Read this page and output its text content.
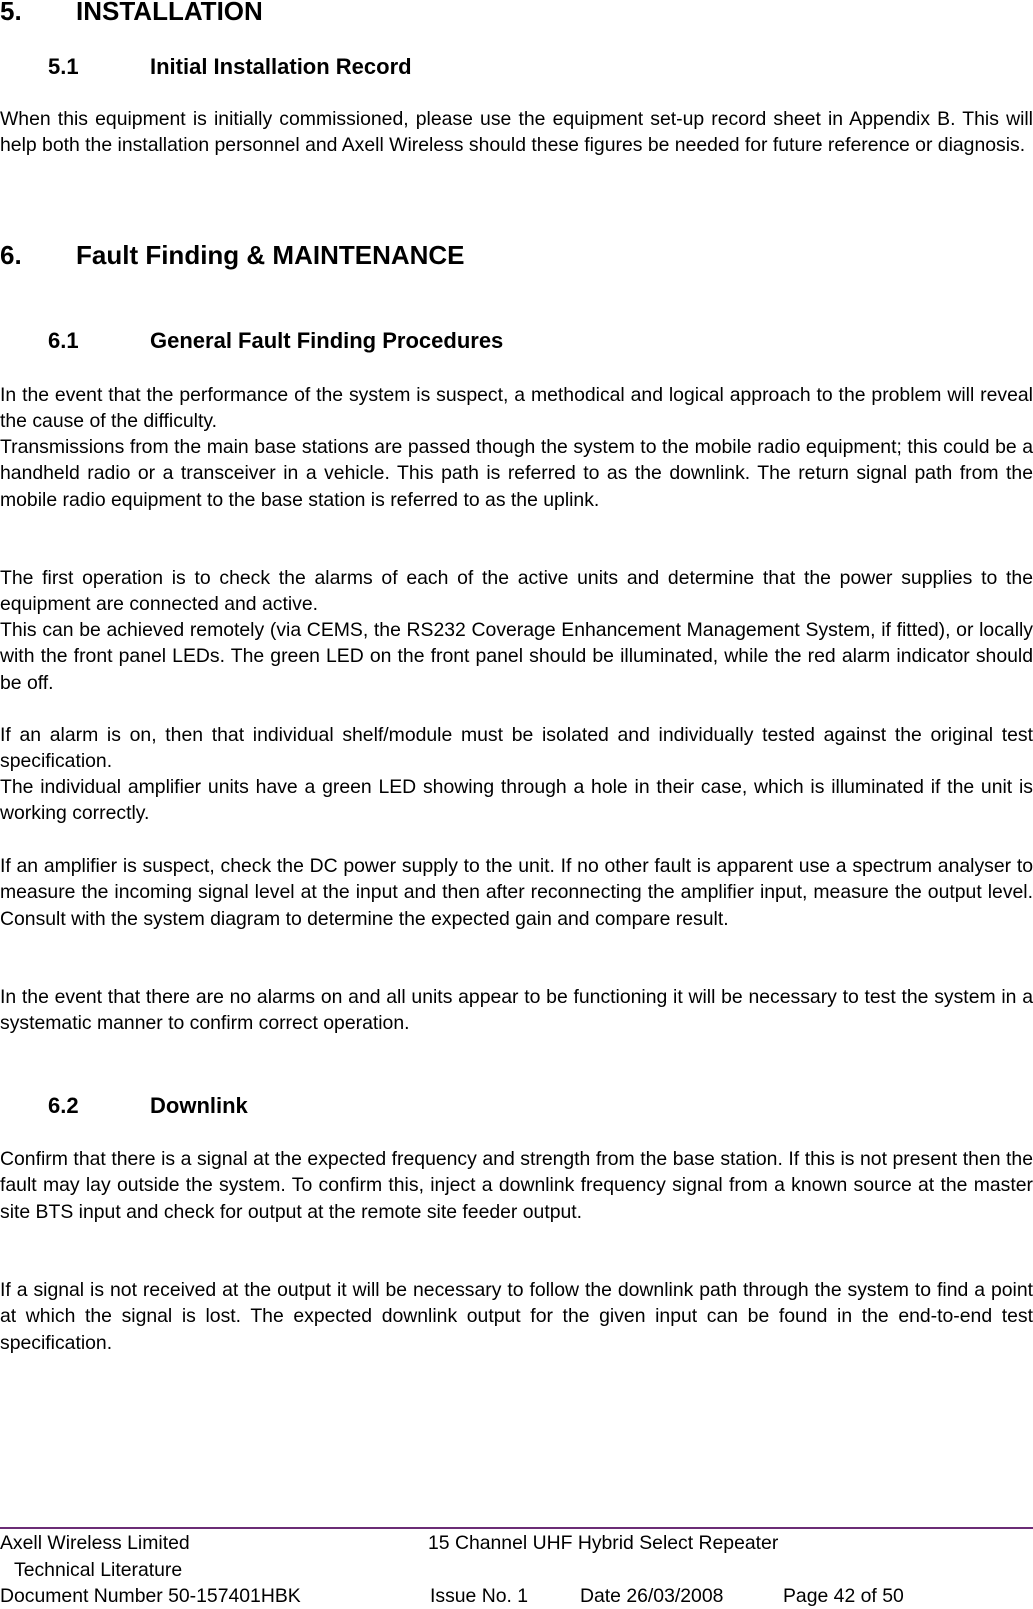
5. INSTALLATION
5.1	Initial Installation Record

When this equipment is initially commissioned, please use the equipment set-up record sheet in Appendix B. This will help both the installation personnel and Axell Wireless should these figures be needed for future reference or diagnosis.

6. Fault Finding & MAINTENANCE
6.1	General Fault Finding Procedures

In the event that the performance of the system is suspect, a methodical and logical approach to the problem will reveal the cause of the difficulty.

Transmissions from the main base stations are passed though the system to the mobile radio equipment; this could be a handheld radio or a transceiver in a vehicle. This path is referred to as the downlink. The return signal path from the mobile radio equipment to the base station is referred to as the uplink.

The first operation is to check the alarms of each of the active units and determine that the power supplies to the equipment are connected and active.

This can be achieved remotely (via CEMS, the RS232 Coverage Enhancement Management System, if fitted), or locally with the front panel LEDs. The green LED on the front panel should be illuminated, while the red alarm indicator should be off.

If an alarm is on, then that individual shelf/module must be isolated and individually tested against the original test specification.

The individual amplifier units have a green LED showing through a hole in their case, which is illuminated if the unit is working correctly.

If an amplifier is suspect, check the DC power supply to the unit. If no other fault is apparent use a spectrum analyser to measure the incoming signal level at the input and then after reconnecting the amplifier input, measure the output level. Consult with the system diagram to determine the expected gain and compare result.

In the event that there are no alarms on and all units appear to be functioning it will be necessary to test the system in a systematic manner to confirm correct operation.

6.2	Downlink

Confirm that there is a signal at the expected frequency and strength from the base station. If this is not present then the fault may lay outside the system. To confirm this, inject a downlink frequency signal from a known source at the master site BTS input and check for output at the remote site feeder output.

If a signal is not received at the output it will be necessary to follow the downlink path through the system to find a point at which the signal is lost. The expected downlink output for the given input can be found in the end-to-end test specification.

Axell Wireless Limited	15 Channel UHF Hybrid Select Repeater
Technical Literature
Document Number 50-157401HBK	Issue No. 1	Date 26/03/2008	Page 42 of 50
